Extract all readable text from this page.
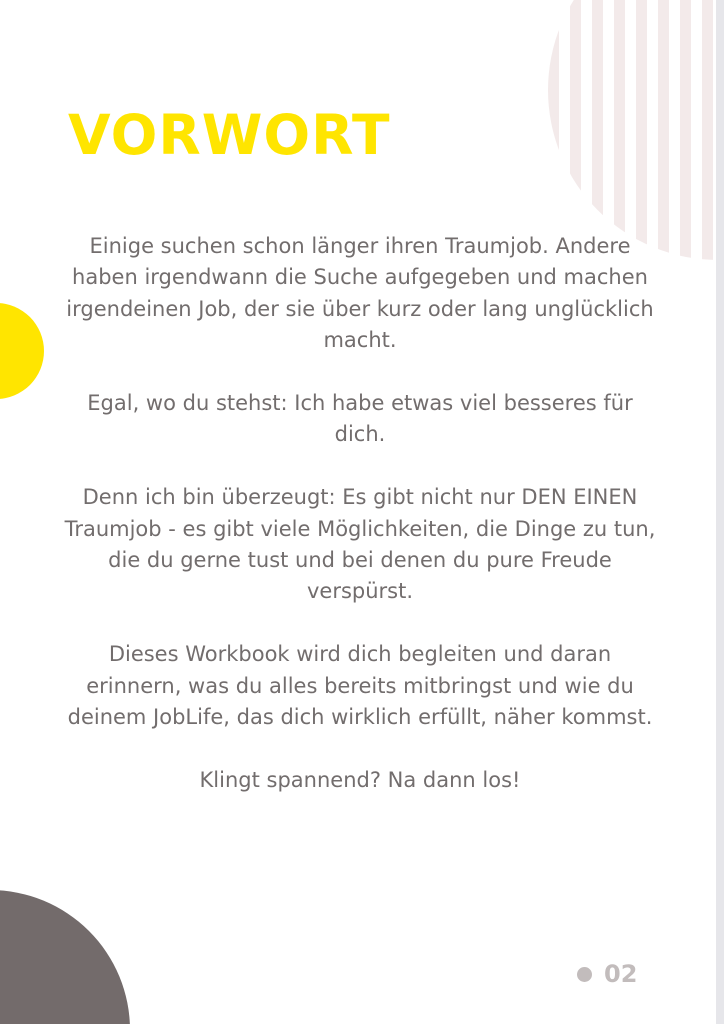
VORWORT

Einige suchen schon länger ihren Traumjob. Andere haben irgendwann die Suche aufgegeben und machen irgendeinen Job, der sie über kurz oder lang unglücklich macht.

Egal, wo du stehst: Ich habe etwas viel besseres für dich.

Denn ich bin überzeugt: Es gibt nicht nur DEN EINEN Traumjob - es gibt viele Möglichkeiten, die Dinge zu tun, die du gerne tust und bei denen du pure Freude verspürst.

Dieses Workbook wird dich begleiten und daran erinnern, was du alles bereits mitbringst und wie du deinem JobLife, das dich wirklich erfüllt, näher kommst.

Klingt spannend? Na dann los!

02
